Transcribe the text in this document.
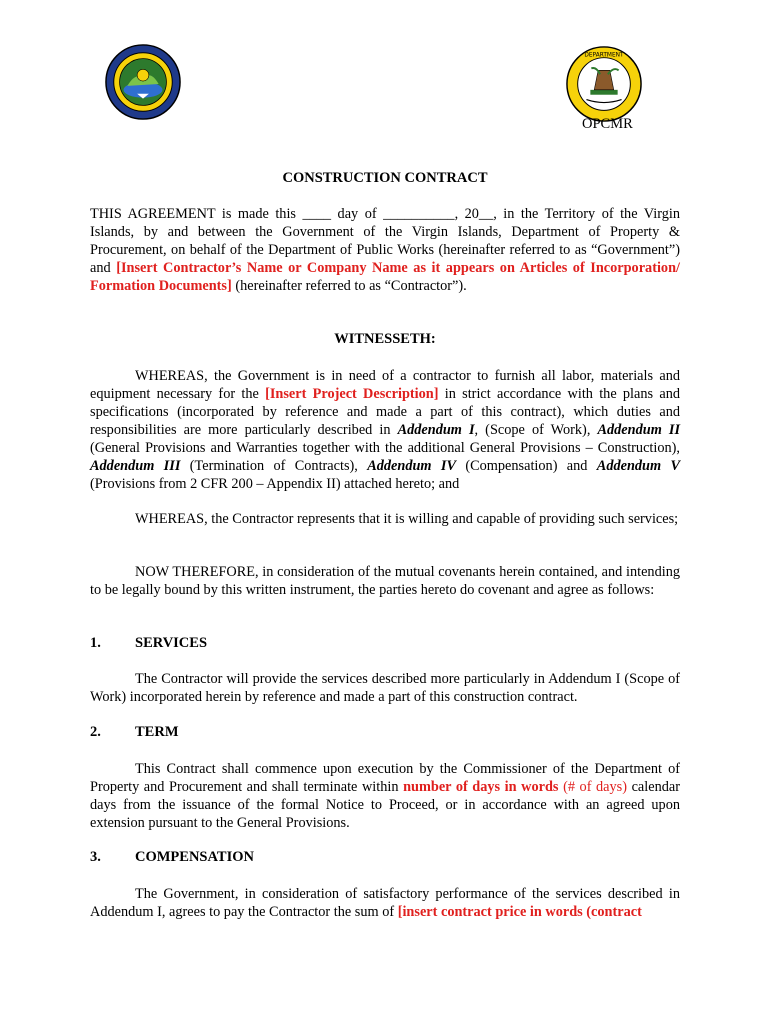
DEPARTMENT
OPCMR
CONSTRUCTION CONTRACT
THIS AGREEMENT is made this ____ day of __________, 20__, in the Territory of the Virgin Islands, by and between the Government of the Virgin Islands, Department of Property & Procurement, on behalf of the Department of Public Works (hereinafter referred to as “Government”) and [Insert Contractor’s Name or Company Name as it appears on Articles of Incorporation/ Formation Documents] (hereinafter referred to as “Contractor”).
WITNESSETH:
WHEREAS, the Government is in need of a contractor to furnish all labor, materials and equipment necessary for the [Insert Project Description] in strict accordance with the plans and specifications (incorporated by reference and made a part of this contract), which duties and responsibilities are more particularly described in Addendum I, (Scope of Work), Addendum II (General Provisions and Warranties together with the additional General Provisions – Construction), Addendum III (Termination of Contracts), Addendum IV (Compensation) and Addendum V (Provisions from 2 CFR 200 – Appendix II) attached hereto; and
WHEREAS, the Contractor represents that it is willing and capable of providing such services;
NOW THEREFORE, in consideration of the mutual covenants herein contained, and intending to be legally bound by this written instrument, the parties hereto do covenant and agree as follows:
1. SERVICES
The Contractor will provide the services described more particularly in Addendum I (Scope of Work) incorporated herein by reference and made a part of this construction contract.
2. TERM
This Contract shall commence upon execution by the Commissioner of the Department of Property and Procurement and shall terminate within number of days in words (# of days) calendar days from the issuance of the formal Notice to Proceed, or in accordance with an agreed upon extension pursuant to the General Provisions.
3. COMPENSATION
The Government, in consideration of satisfactory performance of the services described in Addendum I, agrees to pay the Contractor the sum of [insert contract price in words (contract
